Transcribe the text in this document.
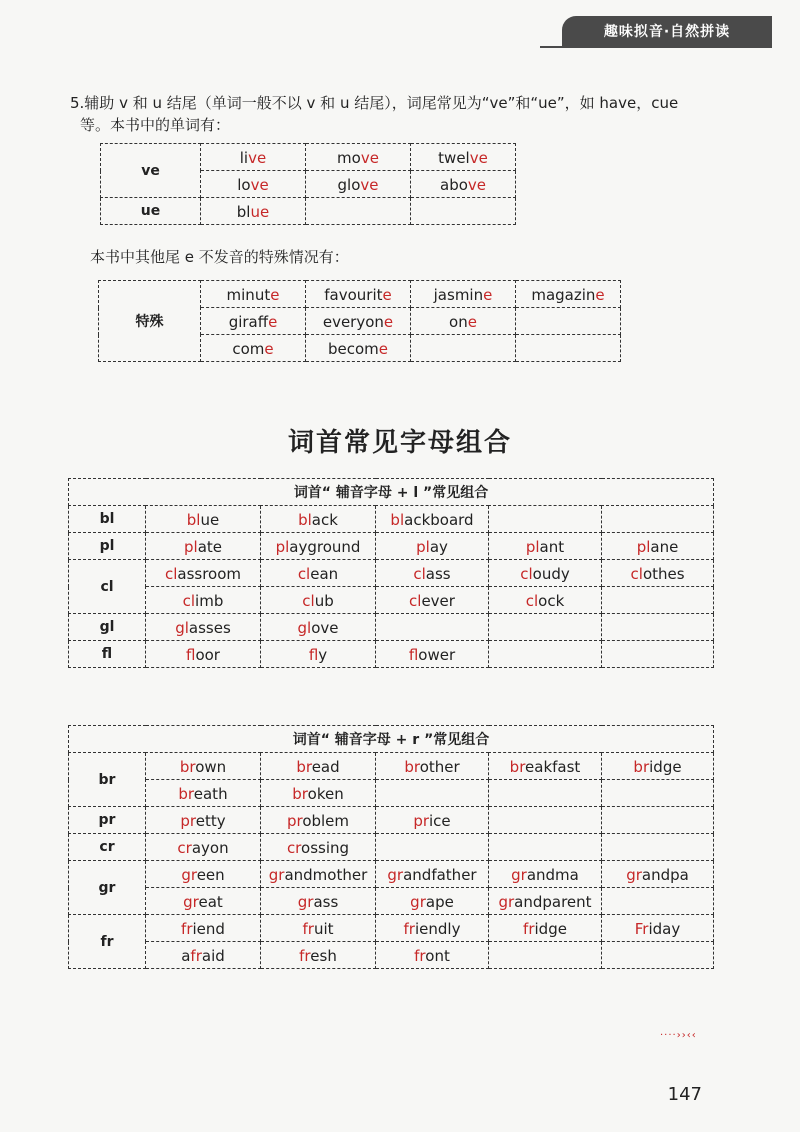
趣味拟音·自然拼读
5.辅助 v 和 u 结尾（单词一般不以 v 和 u 结尾），词尾常见为“ve”和“ue”，如 have，cue
等。本书中的单词有：
ve	live	move	twelve
	love	glove	above
ue	blue		
本书中其他尾 e 不发音的特殊情况有：
特殊	minute	favourite	jasmine	magazine
	giraffe	everyone	one	
	come	become		
词首常见字母组合
词首“ 辅音字母 + l ”常见组合					
bl	blue	black	blackboard		
pl	plate	playground	play	plant	plane
cl	classroom	clean	class	cloudy	clothes
	climb	club	clever	clock	
gl	glasses	glove			
fl	floor	fly	flower		
词首“ 辅音字母 + r ”常见组合					
br	brown	bread	brother	breakfast	bridge
	breath	broken			
pr	pretty	problem	price		
cr	crayon	crossing			
gr	green	grandmother	grandfather	grandma	grandpa
	great	grass	grape	grandparent	
fr	friend	fruit	friendly	fridge	Friday
	afraid	fresh	front		
····››‹‹
147
